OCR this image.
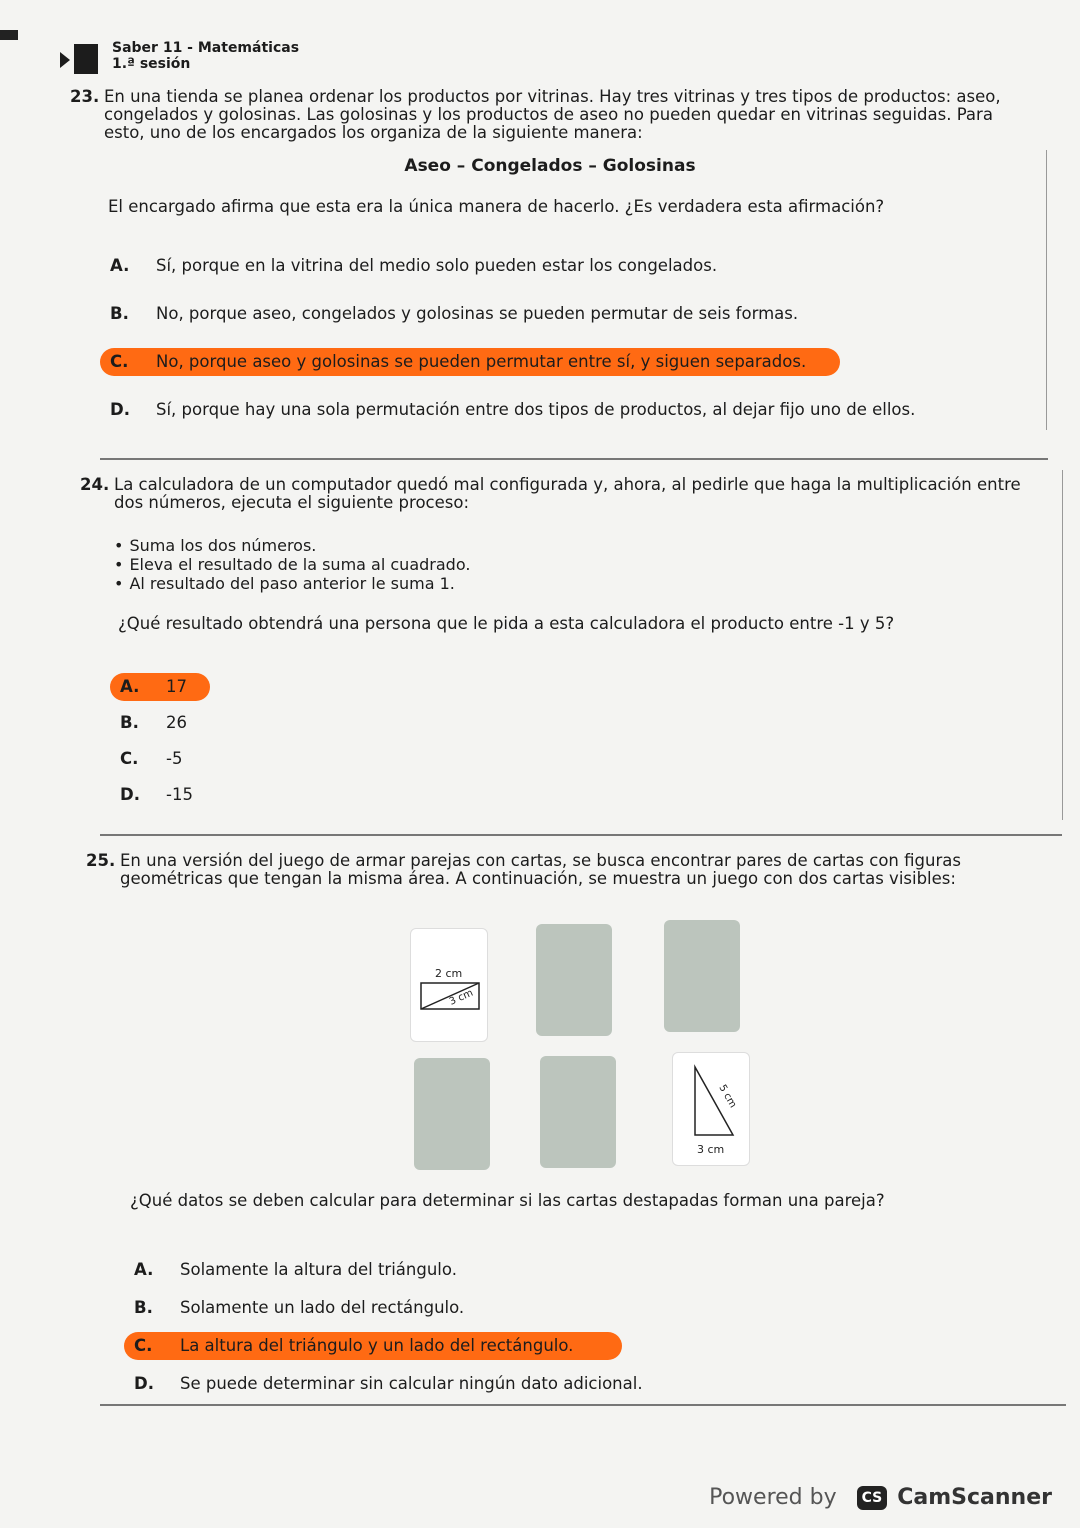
Saber 11 - Matemáticas
1.ª sesión
23. En una tienda se planea ordenar los productos por vitrinas. Hay tres vitrinas y tres tipos de productos: aseo, congelados y golosinas. Las golosinas y los productos de aseo no pueden quedar en vitrinas seguidas. Para esto, uno de los encargados los organiza de la siguiente manera:
Aseo – Congelados – Golosinas
El encargado afirma que esta era la única manera de hacerlo. ¿Es verdadera esta afirmación?
A.	Sí, porque en la vitrina del medio solo pueden estar los congelados.
B.	No, porque aseo, congelados y golosinas se pueden permutar de seis formas.
C.	No, porque aseo y golosinas se pueden permutar entre sí, y siguen separados.
D.	Sí, porque hay una sola permutación entre dos tipos de productos, al dejar fijo uno de ellos.
24. La calculadora de un computador quedó mal configurada y, ahora, al pedirle que haga la multiplicación entre dos números, ejecuta el siguiente proceso:
• Suma los dos números.
• Eleva el resultado de la suma al cuadrado.
• Al resultado del paso anterior le suma 1.
¿Qué resultado obtendrá una persona que le pida a esta calculadora el producto entre -1 y 5?
A.	17
B.	26
C.	-5
D.	-15
25. En una versión del juego de armar parejas con cartas, se busca encontrar pares de cartas con figuras geométricas que tengan la misma área. A continuación, se muestra un juego con dos cartas visibles:
2 cm
3 cm
5 cm
3 cm
¿Qué datos se deben calcular para determinar si las cartas destapadas forman una pareja?
A.	Solamente la altura del triángulo.
B.	Solamente un lado del rectángulo.
C.	La altura del triángulo y un lado del rectángulo.
D.	Se puede determinar sin calcular ningún dato adicional.
Powered by	CS CamScanner
